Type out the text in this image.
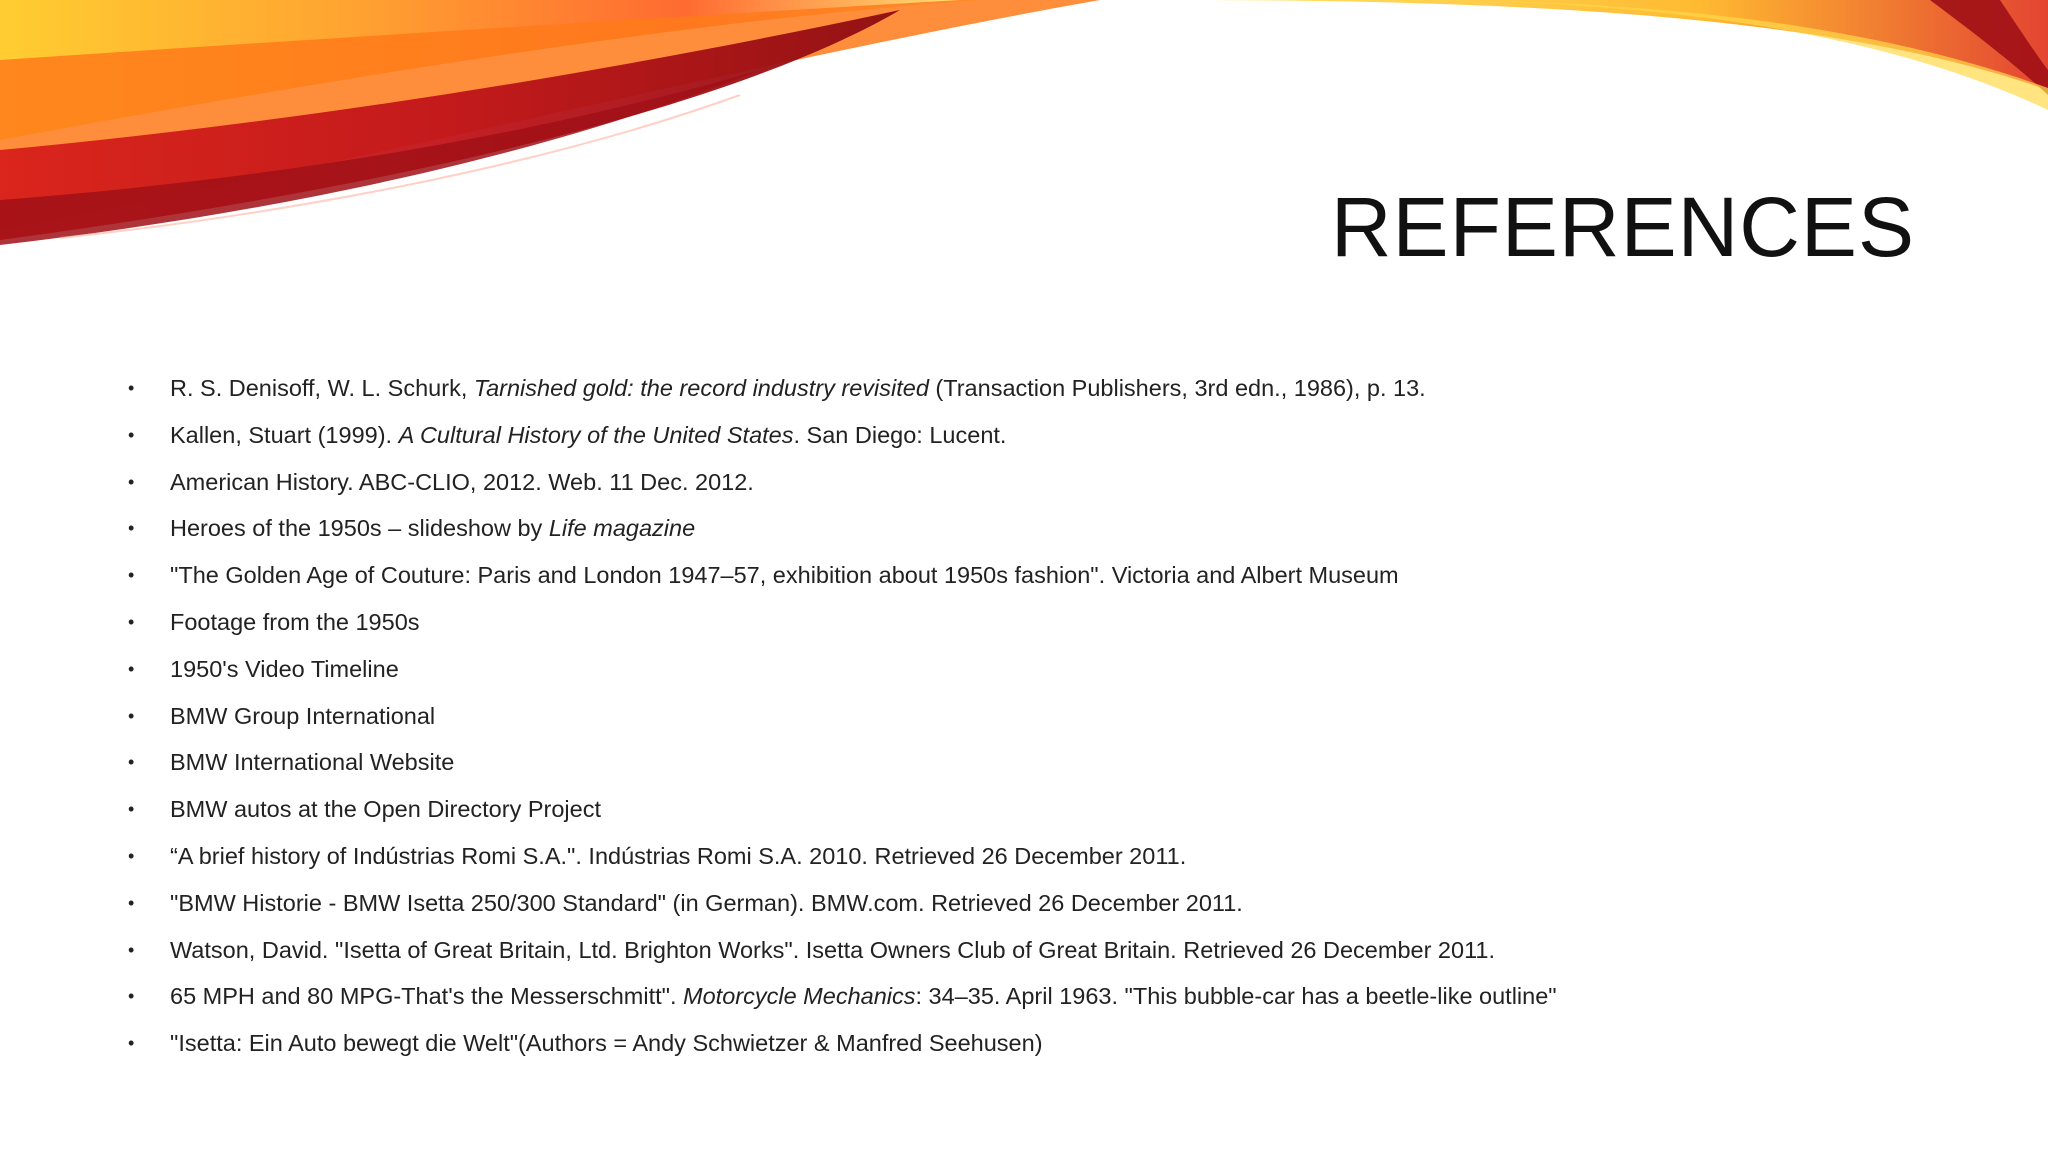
REFERENCES
• R. S. Denisoff, W. L. Schurk, Tarnished gold: the record industry revisited (Transaction Publishers, 3rd edn., 1986), p. 13.
• Kallen, Stuart (1999). A Cultural History of the United States. San Diego: Lucent.
• American History. ABC-CLIO, 2012. Web. 11 Dec. 2012.
• Heroes of the 1950s – slideshow by Life magazine
• "The Golden Age of Couture: Paris and London 1947–57, exhibition about 1950s fashion". Victoria and Albert Museum
• Footage from the 1950s
• 1950's Video Timeline
• BMW Group International
• BMW International Website
• BMW autos at the Open Directory Project
• “A brief history of Indústrias Romi S.A.". Indústrias Romi S.A. 2010. Retrieved 26 December 2011.
• "BMW Historie - BMW Isetta 250/300 Standard" (in German). BMW.com. Retrieved 26 December 2011.
• Watson, David. "Isetta of Great Britain, Ltd. Brighton Works". Isetta Owners Club of Great Britain. Retrieved 26 December 2011.
• 65 MPH and 80 MPG-That's the Messerschmitt". Motorcycle Mechanics: 34–35. April 1963. "This bubble-car has a beetle-like outline"
• "Isetta: Ein Auto bewegt die Welt"(Authors = Andy Schwietzer & Manfred Seehusen)
